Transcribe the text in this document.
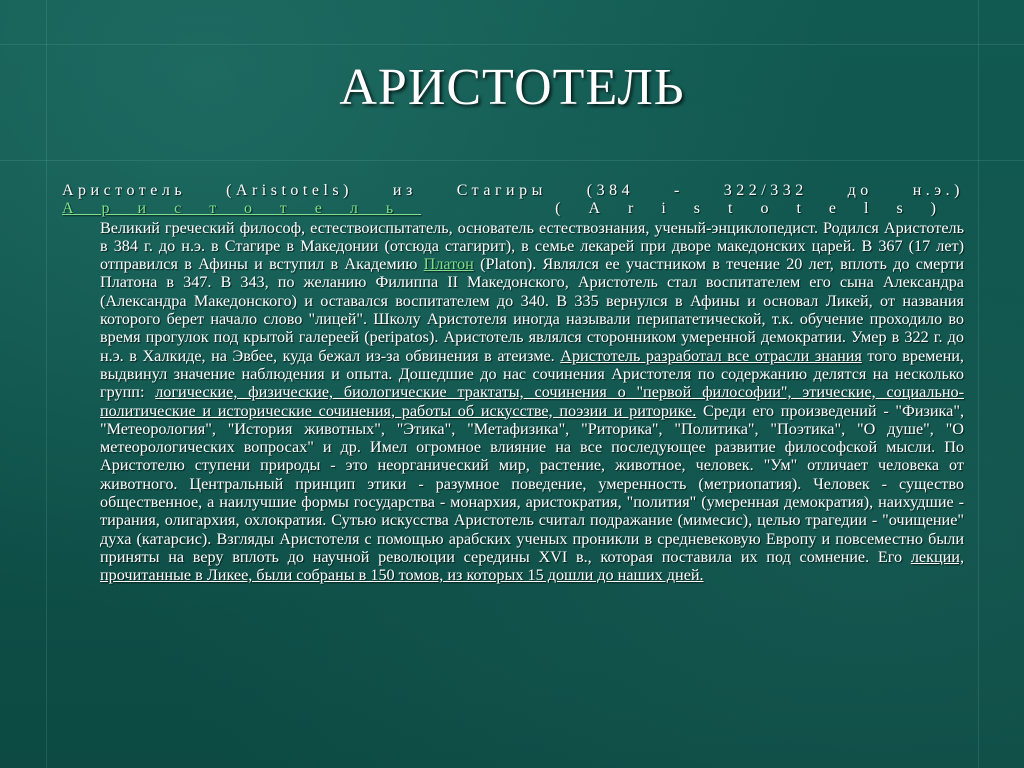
АРИСТОТЕЛЬ
Аристотель (Aristotels) из Стагиры (384 - 322/332 до н.э.)
Аристотель (Aristotels)
Великий греческий философ, естествоиспытатель, основатель естествознания, ученый-энциклопедист. Родился Аристотель в 384 г. до н.э. в Стагире в Македонии (отсюда стагирит), в семье лекарей при дворе македонских царей. В 367 (17 лет) отправился в Афины и вступил в Академию Платон (Platon). Являлся ее участником в течение 20 лет, вплоть до смерти Платона в 347. В 343, по желанию Филиппа II Македонского, Аристотель стал воспитателем его сына Александра (Александра Македонского) и оставался воспитателем до 340. В 335 вернулся в Афины и основал Ликей, от названия которого берет начало слово "лицей". Школу Аристотеля иногда называли перипатетической, т.к. обучение проходило во время прогулок под крытой галереей (peripatos). Аристотель являлся сторонником умеренной демократии. Умер в 322 г. до н.э. в Халкиде, на Эвбее, куда бежал из-за обвинения в атеизме. Аристотель разработал все отрасли знания того времени, выдвинул значение наблюдения и опыта. Дошедшие до нас сочинения Аристотеля по содержанию делятся на несколько групп: логические, физические, биологические трактаты, сочинения о "первой философии", этические, социально-политические и исторические сочинения, работы об искусстве, поэзии и риторике. Среди его произведений - "Физика", "Метеорология", "История животных", "Этика", "Метафизика", "Риторика", "Политика", "Поэтика", "О душе", "О метеорологических вопросах" и др. Имел огромное влияние на все последующее развитие философской мысли. По Аристотелю ступени природы - это неорганический мир, растение, животное, человек. "Ум" отличает человека от животного. Центральный принцип этики - разумное поведение, умеренность (метриопатия). Человек - существо общественное, а наилучшие формы государства - монархия, аристократия, "полития" (умеренная демократия), наихудшие - тирания, олигархия, охлократия. Сутью искусства Аристотель считал подражание (мимесис), целью трагедии - "очищение" духа (катарсис). Взгляды Аристотеля с помощью арабских ученых проникли в средневековую Европу и повсеместно были приняты на веру вплоть до научной революции середины XVI в., которая поставила их под сомнение. Его лекции, прочитанные в Ликее, были собраны в 150 томов, из которых 15 дошли до наших дней.
